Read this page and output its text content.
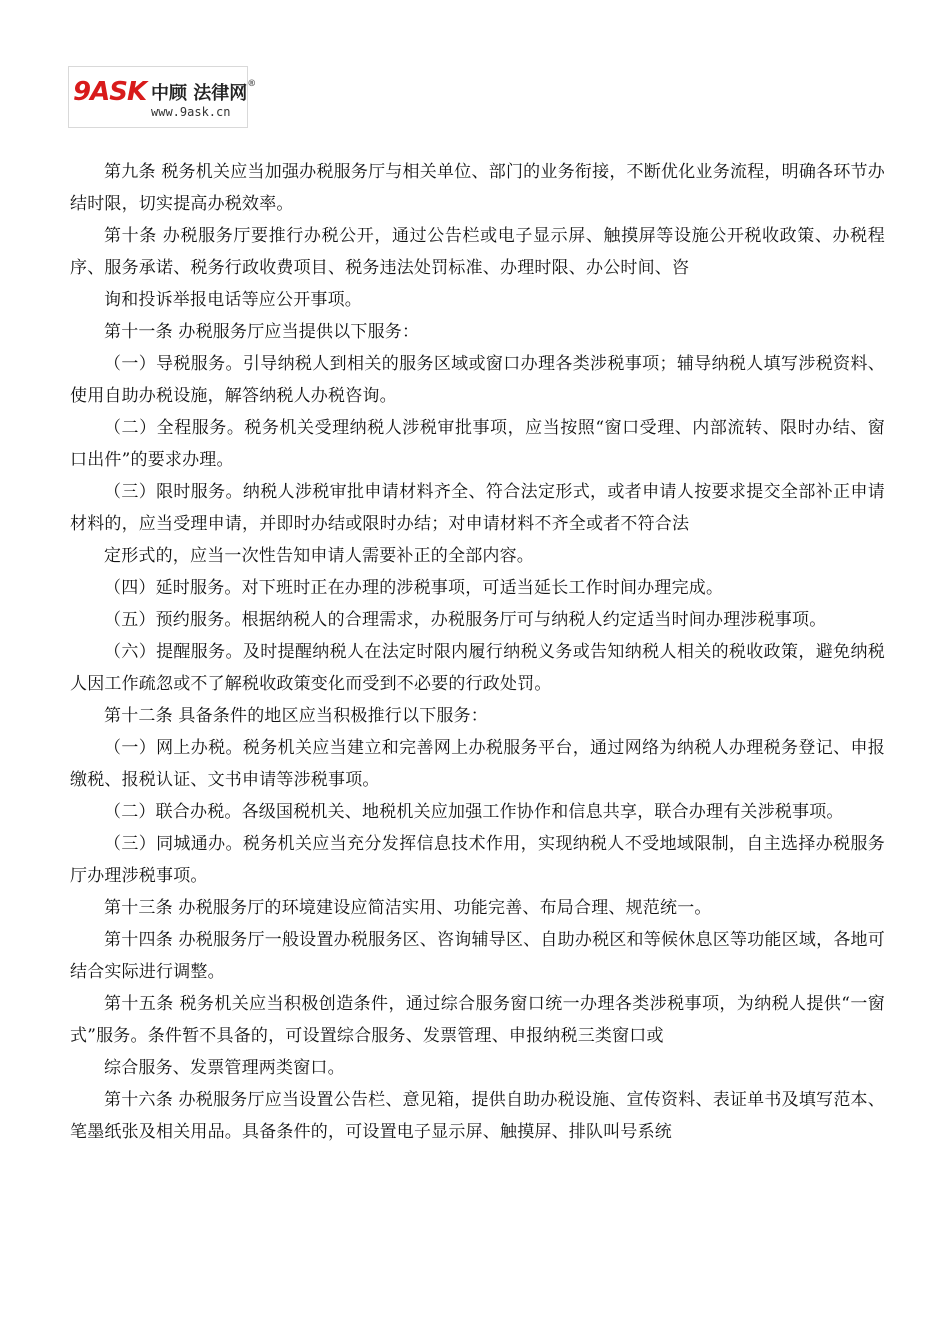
9ASK 中顾 法律网®
www.9ask.cn

第九条 税务机关应当加强办税服务厅与相关单位、部门的业务衔接，不断优化业务流程，明确各环节办结时限，切实提高办税效率。

第十条 办税服务厅要推行办税公开，通过公告栏或电子显示屏、触摸屏等设施公开税收政策、办税程序、服务承诺、税务行政收费项目、税务违法处罚标准、办理时限、办公时间、咨

询和投诉举报电话等应公开事项。

第十一条 办税服务厅应当提供以下服务：

（一）导税服务。引导纳税人到相关的服务区域或窗口办理各类涉税事项；辅导纳税人填写涉税资料、使用自助办税设施，解答纳税人办税咨询。

（二）全程服务。税务机关受理纳税人涉税审批事项，应当按照“窗口受理、内部流转、限时办结、窗口出件”的要求办理。

（三）限时服务。纳税人涉税审批申请材料齐全、符合法定形式，或者申请人按要求提交全部补正申请材料的，应当受理申请，并即时办结或限时办结；对申请材料不齐全或者不符合法

定形式的，应当一次性告知申请人需要补正的全部内容。

（四）延时服务。对下班时正在办理的涉税事项，可适当延长工作时间办理完成。

（五）预约服务。根据纳税人的合理需求，办税服务厅可与纳税人约定适当时间办理涉税事项。

（六）提醒服务。及时提醒纳税人在法定时限内履行纳税义务或告知纳税人相关的税收政策，避免纳税人因工作疏忽或不了解税收政策变化而受到不必要的行政处罚。

第十二条 具备条件的地区应当积极推行以下服务：

（一）网上办税。税务机关应当建立和完善网上办税服务平台，通过网络为纳税人办理税务登记、申报缴税、报税认证、文书申请等涉税事项。

（二）联合办税。各级国税机关、地税机关应加强工作协作和信息共享，联合办理有关涉税事项。

（三）同城通办。税务机关应当充分发挥信息技术作用，实现纳税人不受地域限制，自主选择办税服务厅办理涉税事项。

第十三条 办税服务厅的环境建设应简洁实用、功能完善、布局合理、规范统一。

第十四条 办税服务厅一般设置办税服务区、咨询辅导区、自助办税区和等候休息区等功能区域，各地可结合实际进行调整。

第十五条 税务机关应当积极创造条件，通过综合服务窗口统一办理各类涉税事项，为纳税人提供“一窗式”服务。条件暂不具备的，可设置综合服务、发票管理、申报纳税三类窗口或

综合服务、发票管理两类窗口。

第十六条 办税服务厅应当设置公告栏、意见箱，提供自助办税设施、宣传资料、表证单书及填写范本、笔墨纸张及相关用品。具备条件的，可设置电子显示屏、触摸屏、排队叫号系统
